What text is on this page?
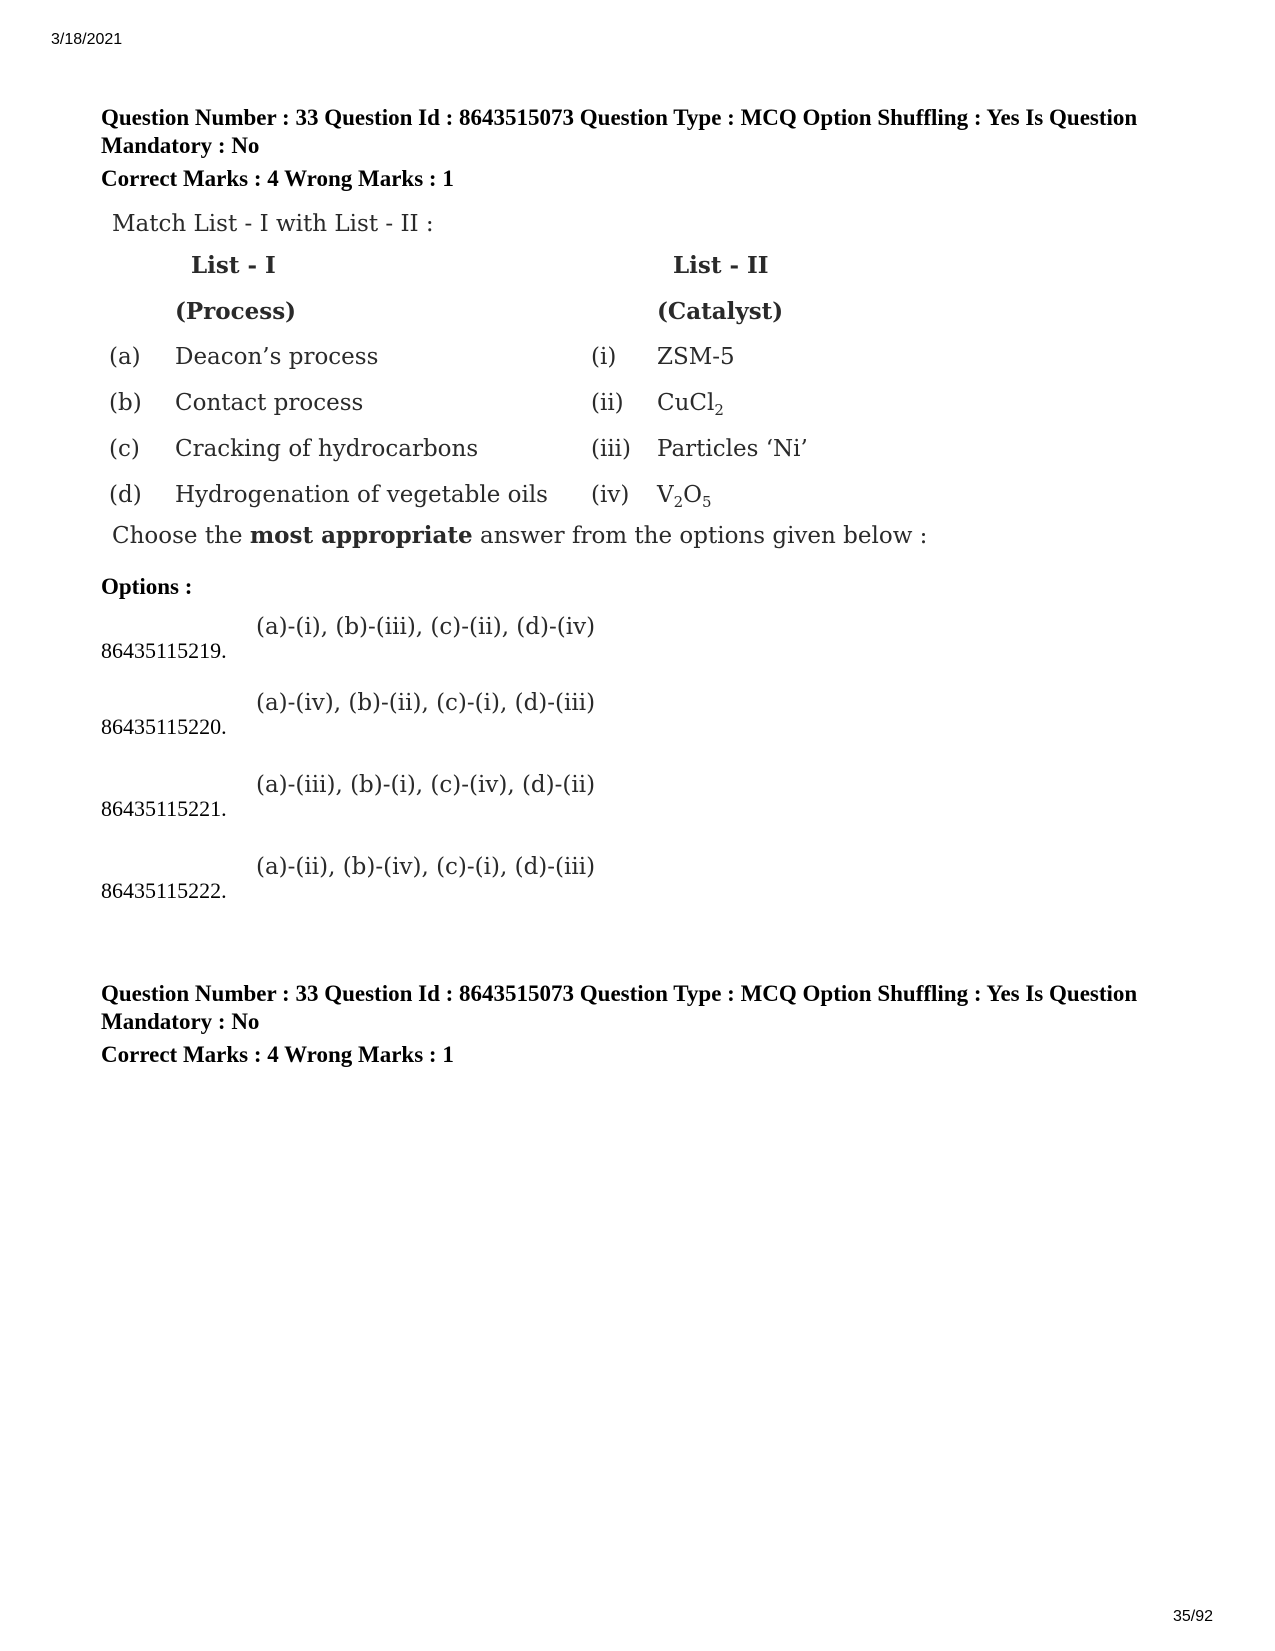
3/18/2021
Question Number : 33 Question Id : 8643515073 Question Type : MCQ Option Shuffling : Yes Is Question Mandatory : No
Correct Marks : 4 Wrong Marks : 1
Match List - I with List - II :
	List - I		List - II
	(Process)		(Catalyst)
(a)	Deacon’s process	(i)	ZSM-5
(b)	Contact process	(ii)	CuCl$_2$
(c)	Cracking of hydrocarbons	(iii)	Particles ‘Ni’
(d)	Hydrogenation of vegetable oils	(iv)	$V_2O_5$
Choose the most appropriate answer from the options given below :
Options :
86435115219.
(a)-(i), (b)-(iii), (c)-(ii), (d)-(iv)
86435115220.
(a)-(iv), (b)-(ii), (c)-(i), (d)-(iii)
86435115221.
(a)-(iii), (b)-(i), (c)-(iv), (d)-(ii)
86435115222.
(a)-(ii), (b)-(iv), (c)-(i), (d)-(iii)
Question Number : 33 Question Id : 8643515073 Question Type : MCQ Option Shuffling : Yes Is Question Mandatory : No
Correct Marks : 4 Wrong Marks : 1
35/92
